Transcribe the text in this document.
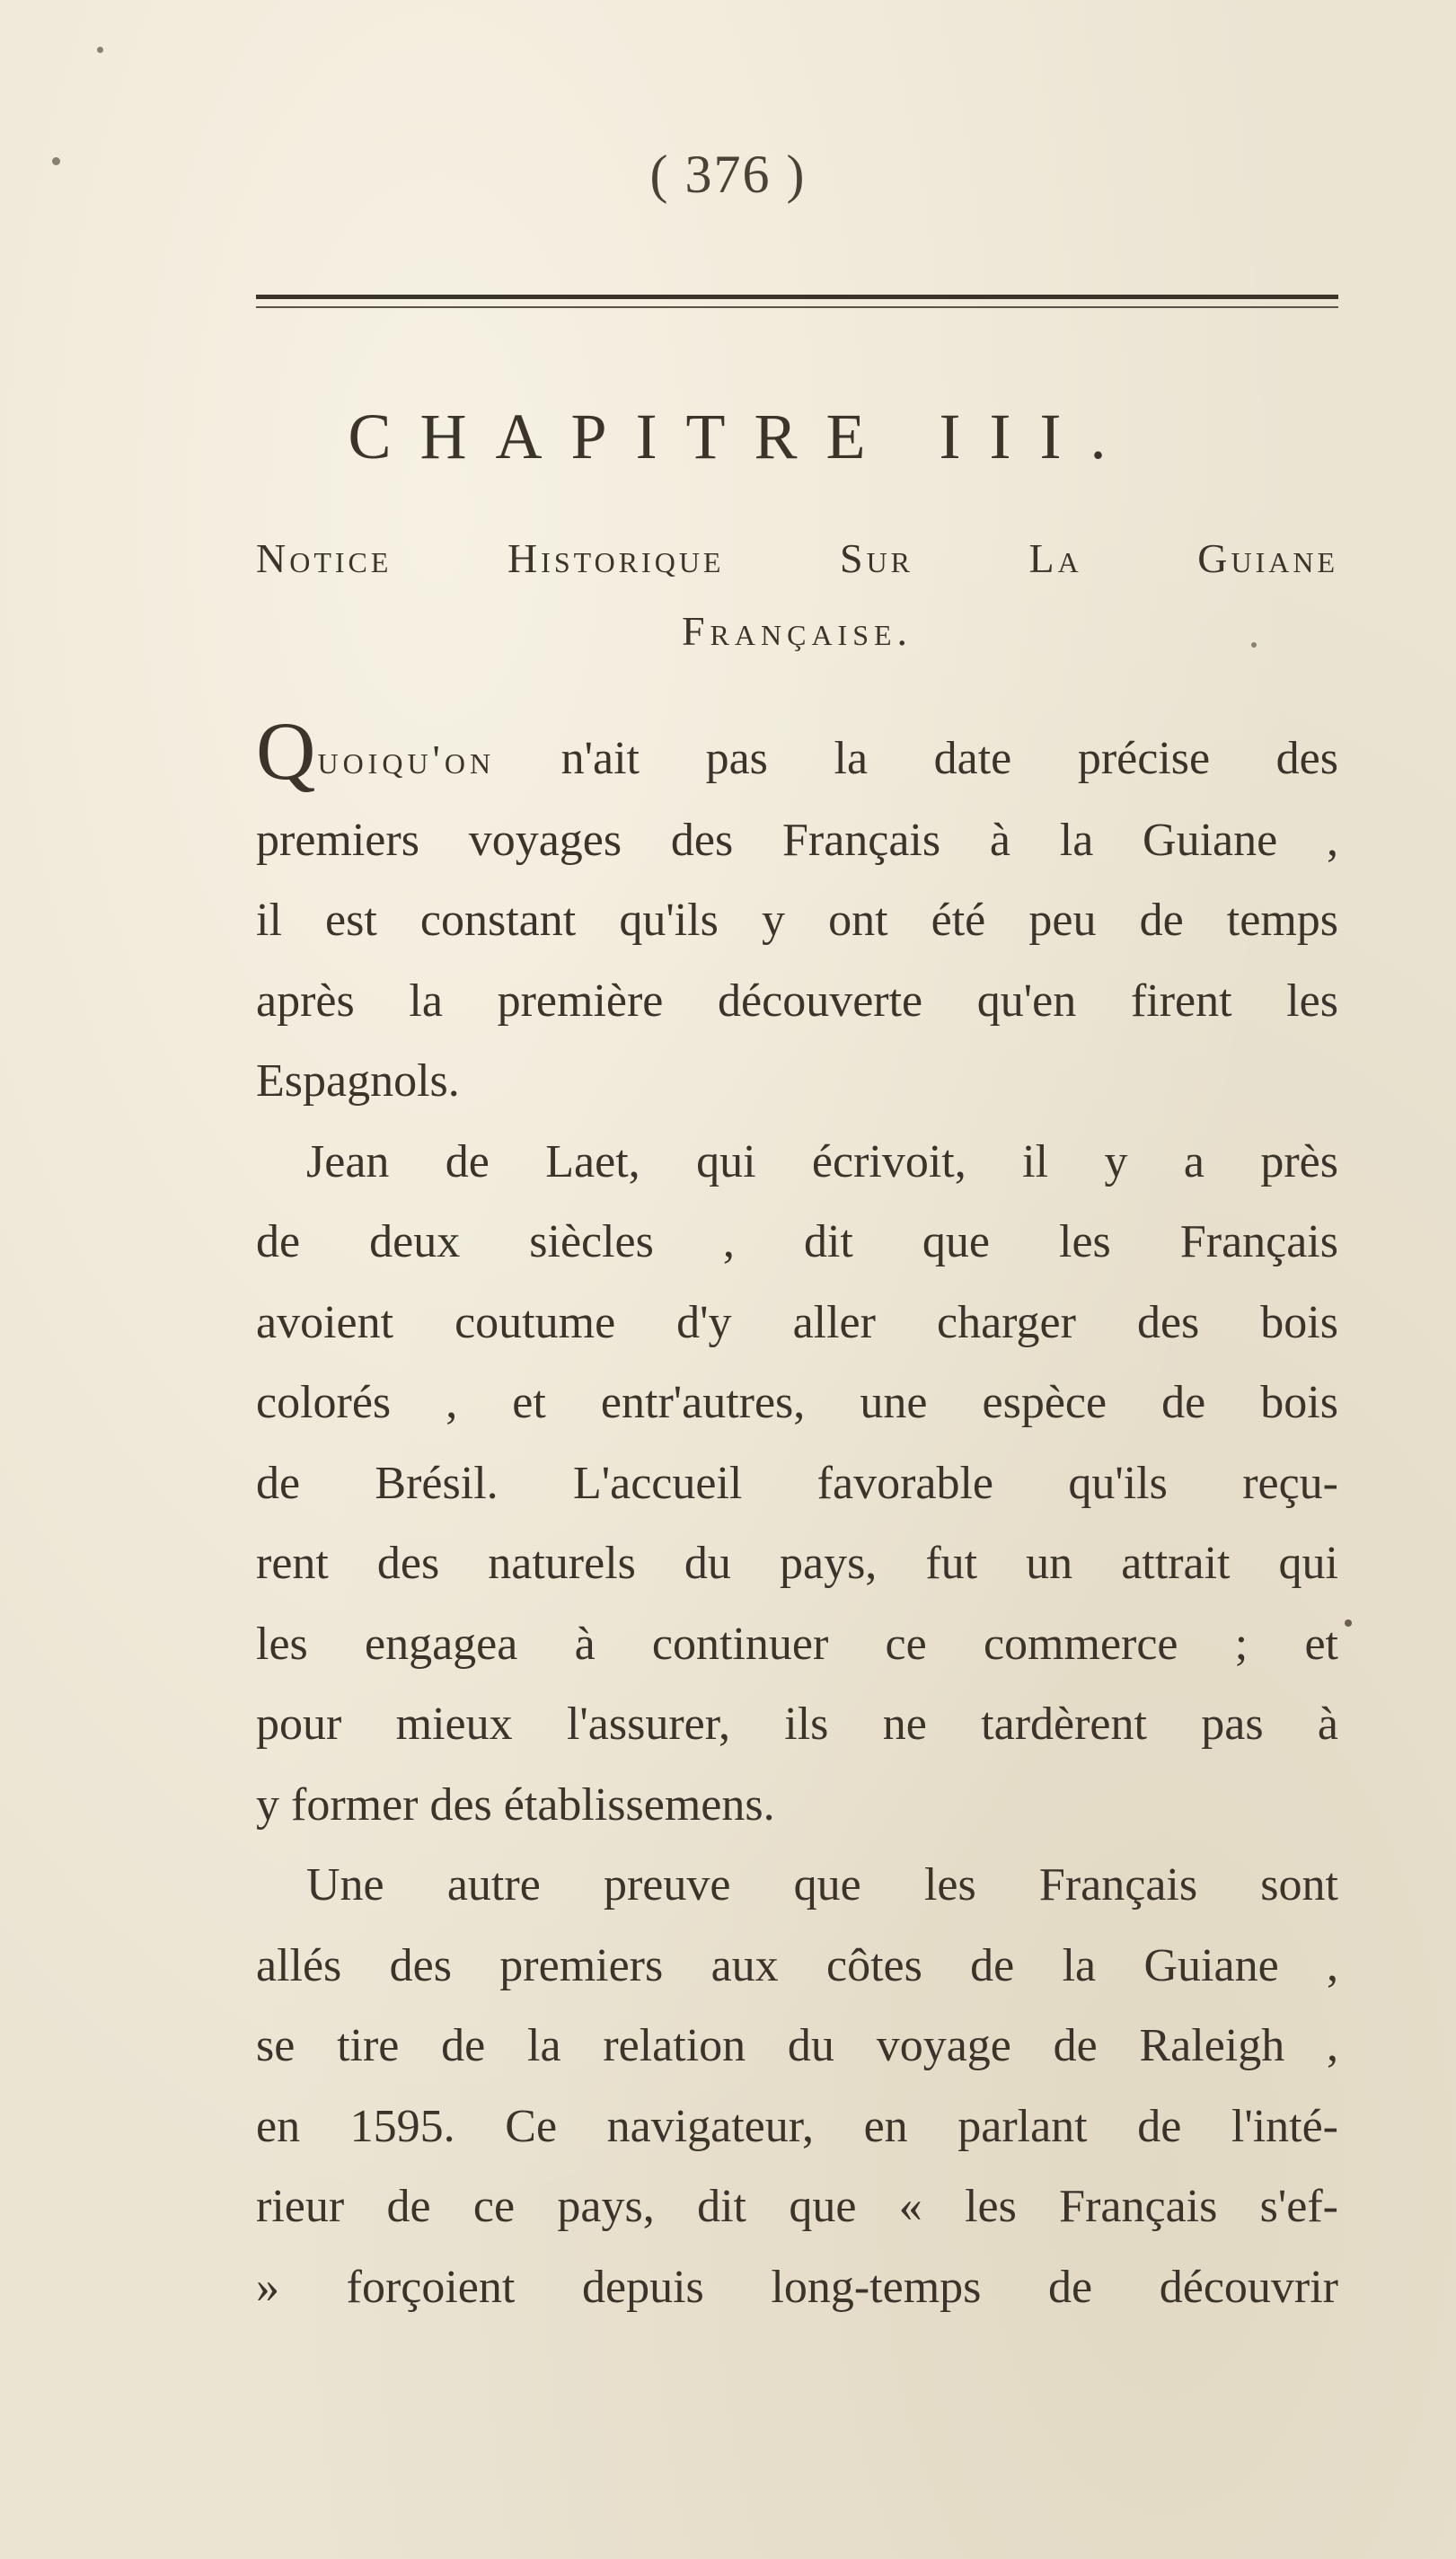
( 376 )
CHAPITRE III.
Notice	historique	sur	la	guiane
Française.
Quoiqu'on n'ait pas la date précise des
premiers voyages des Français à la Guiane ,
il est constant qu'ils y ont été peu de temps
après la première découverte qu'en firent les
Espagnols.
Jean de Laet, qui écrivoit, il y a près
de deux siècles , dit que les Français
avoient coutume d'y aller charger des bois
colorés , et entr'autres, une espèce de bois
de Brésil. L'accueil favorable qu'ils reçu-
rent des naturels du pays, fut un attrait qui
les engagea à continuer ce commerce ; et
pour mieux l'assurer, ils ne tardèrent pas à
y former des établissemens.
Une autre preuve que les Français sont
allés des premiers aux côtes de la Guiane ,
se tire de la relation du voyage de Raleigh ,
en 1595. Ce navigateur, en parlant de l'inté-
rieur de ce pays, dit que « les Français s'ef-
» forçoient depuis long-temps de découvrir
